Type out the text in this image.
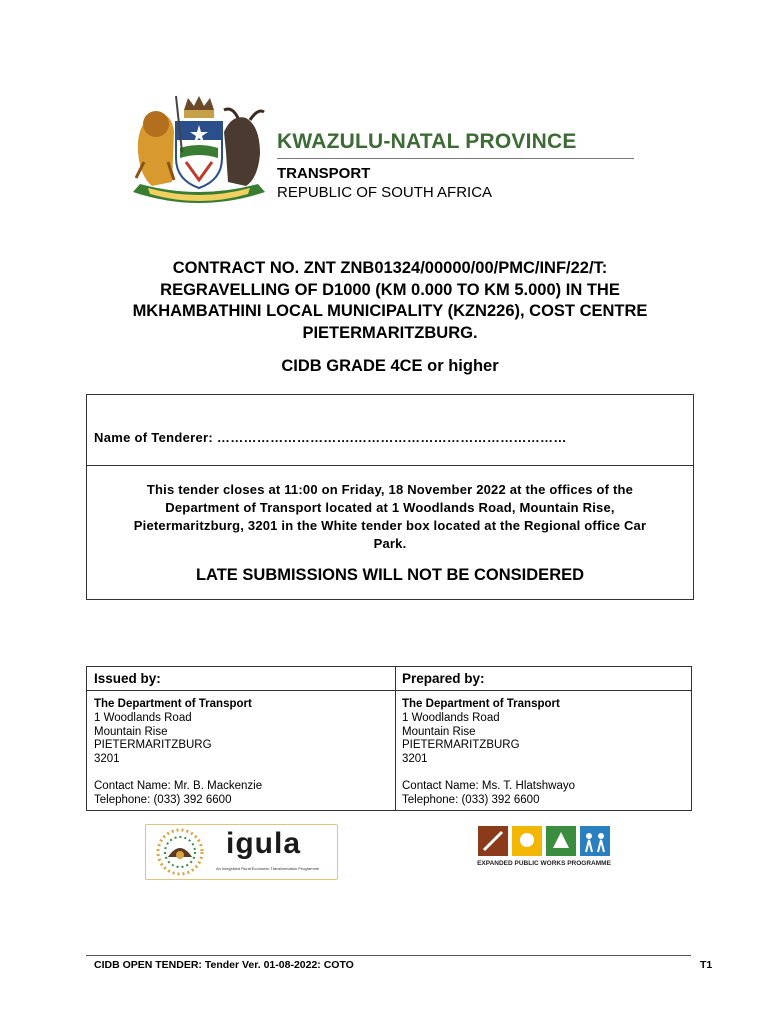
KWAZULU-NATAL PROVINCE
TRANSPORT
REPUBLIC OF SOUTH AFRICA
CONTRACT NO. ZNT ZNB01324/00000/00/PMC/INF/22/T:
REGRAVELLING OF D1000 (KM 0.000 TO KM 5.000) IN THE
MKHAMBATHINI LOCAL MUNICIPALITY (KZN226), COST CENTRE
PIETERMARITZBURG.
CIDB GRADE 4CE or higher
Name of Tenderer: ………………………….…………………………………………
This tender closes at 11:00 on Friday, 18 November 2022 at the offices of the
Department of Transport located at 1 Woodlands Road, Mountain Rise,
Pietermaritzburg, 3201 in the White tender box located at the Regional office Car
Park.
LATE SUBMISSIONS WILL NOT BE CONSIDERED
Issued by:
The Department of Transport
1 Woodlands Road
Mountain Rise
PIETERMARITZBURG
3201
Contact Name: Mr. B. Mackenzie
Telephone: (033) 392 6600
Prepared by:
The Department of Transport
1 Woodlands Road
Mountain Rise
PIETERMARITZBURG
3201
Contact Name: Ms. T. Hlatshwayo
Telephone: (033) 392 6600
igula
An Integrated Rural Economic Transformation Programme
EXPANDED PUBLIC WORKS PROGRAMME
CIDB OPEN TENDER: Tender Ver. 01-08-2022: COTO	T1
